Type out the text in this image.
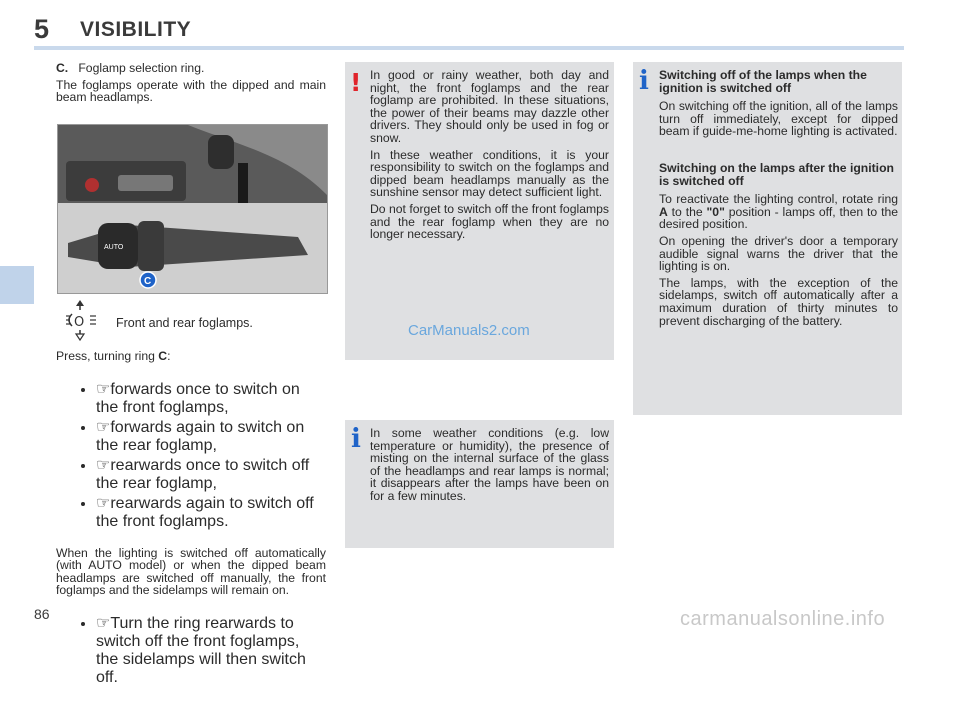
5 VISIBILITY

C. Foglamp selection ring.

The foglamps operate with the dipped and main beam headlamps.

AUTO
C
O	Front and rear foglamps.

Press, turning ring C:

• ☞forwards once to switch on the front foglamps,
• ☞forwards again to switch on the rear foglamp,
• ☞rearwards once to switch off the rear foglamp,
• ☞rearwards again to switch off the front foglamps.

When the lighting is switched off automatically (with AUTO model) or when the dipped beam headlamps are switched off manually, the front foglamps and the sidelamps will remain on.

• ☞Turn the ring rearwards to switch off the front foglamps, the sidelamps will then switch off.
! In good or rainy weather, both day and night, the front foglamps and the rear foglamp are prohibited. In these situations, the power of their beams may dazzle other drivers. They should only be used in fog or snow.

In these weather conditions, it is your responsibility to switch on the foglamps and dipped beam headlamps manually as the sunshine sensor may detect sufficient light.

Do not forget to switch off the front foglamps and the rear foglamp when they are no longer necessary.

CarManuals2.com
i In some weather conditions (e.g. low temperature or humidity), the presence of misting on the internal surface of the glass of the headlamps and rear lamps is normal; it disappears after the lamps have been on for a few minutes.

i Switching off of the lamps when the ignition is switched off

On switching off the ignition, all of the lamps turn off immediately, except for dipped beam if guide-me-home lighting is activated.

Switching on the lamps after the ignition is switched off

To reactivate the lighting control, rotate ring A to the "0" position - lamps off, then to the desired position.

On opening the driver's door a temporary audible signal warns the driver that the lighting is on.

The lamps, with the exception of the sidelamps, switch off automatically after a maximum duration of thirty minutes to prevent discharging of the battery.

86	carmanualsonline.info
